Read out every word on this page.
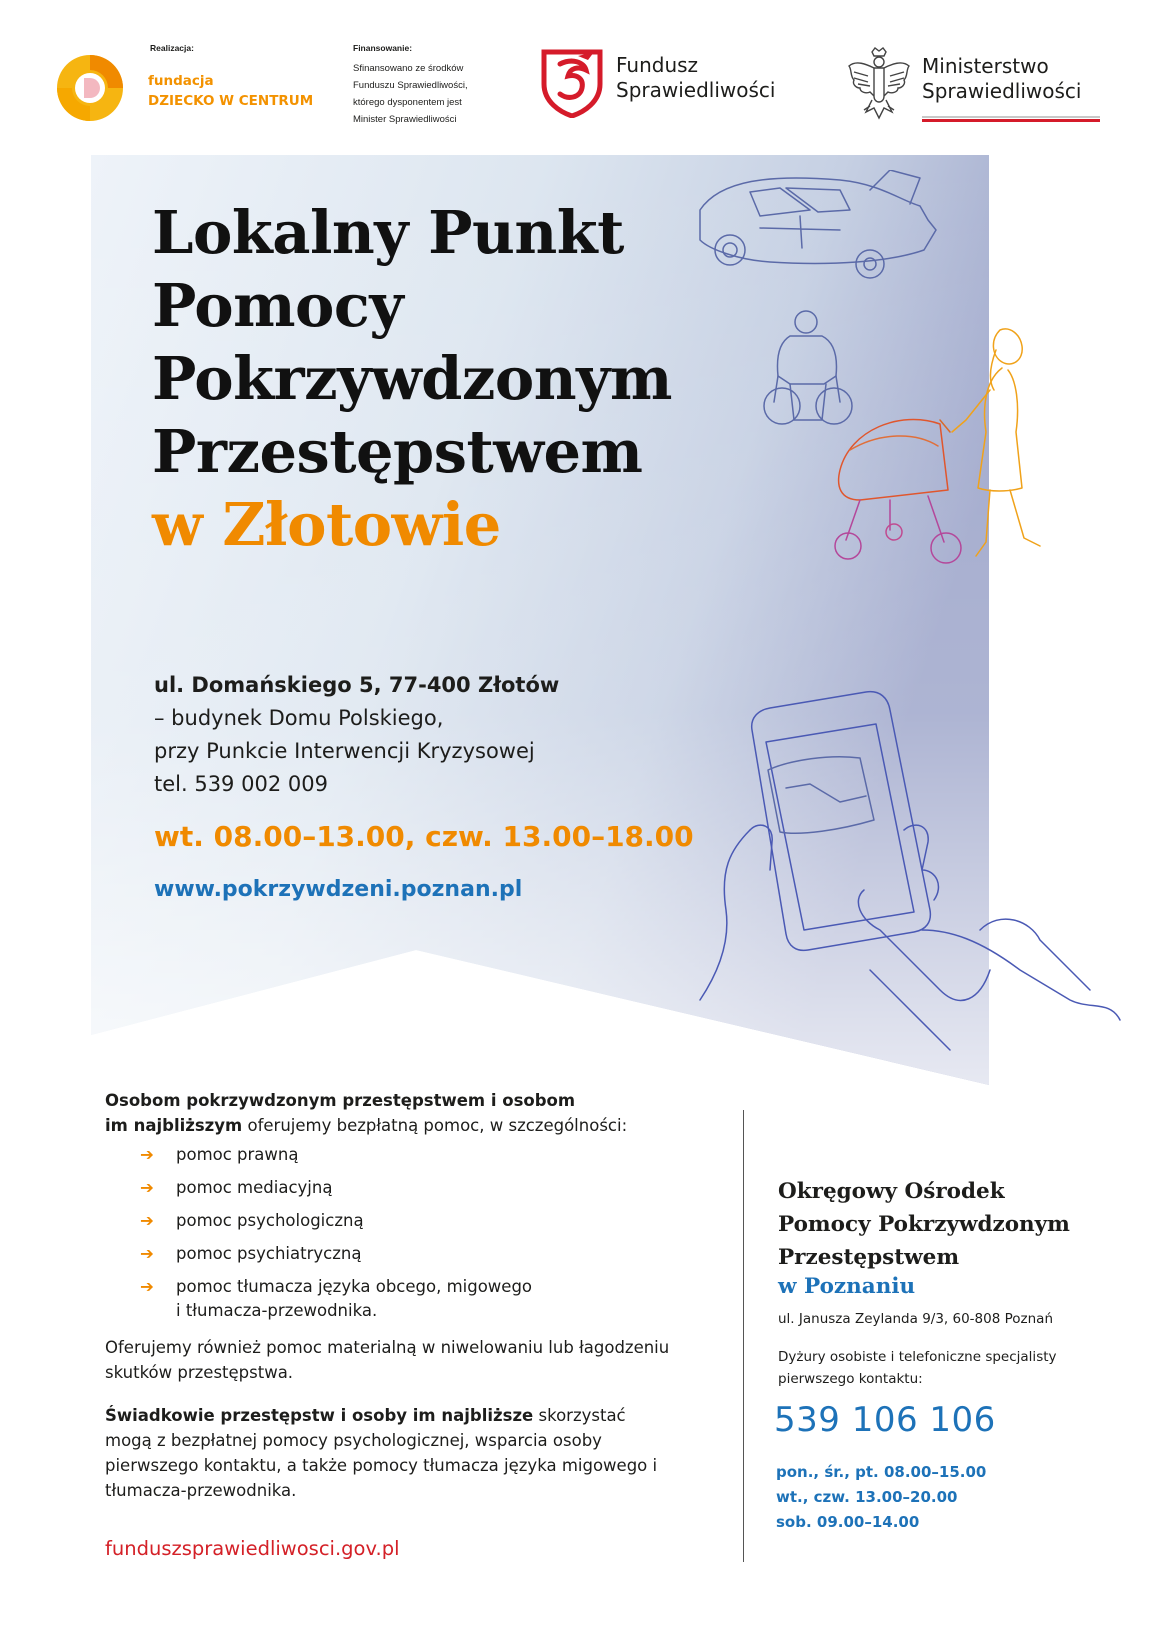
fundacja
DZIECKO W CENTRUM
Realizacja:	Finansowanie:
Sfinansowano ze środków
Funduszu Sprawiedliwości,
którego dysponentem jest
Minister Sprawiedliwości
Fundusz
Sprawiedliwości
Ministerstwo
Sprawiedliwości
Lokalny Punkt
Pomocy
Pokrzywdzonym
Przestępstwem
w Złotowie
ul. Domańskiego 5, 77-400 Złotów
– budynek Domu Polskiego,
przy Punkcie Interwencji Kryzysowej
tel. 539 002 009
wt. 08.00–13.00, czw. 13.00–18.00
www.pokrzywdzeni.poznan.pl
Osobom pokrzywdzonym przestępstwem i osobom
im najbliższym oferujemy bezpłatną pomoc, w szczególności:
➔ pomoc prawną
➔ pomoc mediacyjną
➔ pomoc psychologiczną
➔ pomoc psychiatryczną
➔ pomoc tłumacza języka obcego, migowego
i tłumacza-przewodnika.
Oferujemy również pomoc materialną w niwelowaniu lub łagodzeniu skutków przestępstwa.
Świadkowie przestępstw i osoby im najbliższe skorzystać mogą z bezpłatnej pomocy psychologicznej, wsparcia osoby pierwszego kontaktu, a także pomocy tłumacza języka migowego i tłumacza-przewodnika.
funduszsprawiedliwosci.gov.pl
Okręgowy Ośrodek
Pomocy Pokrzywdzonym
Przestępstwem
w Poznaniu
ul. Janusza Zeylanda 9/3, 60-808 Poznań
Dyżury osobiste i telefoniczne specjalisty pierwszego kontaktu:
539 106 106
pon., śr., pt. 08.00–15.00
wt., czw. 13.00–20.00
sob. 09.00–14.00
